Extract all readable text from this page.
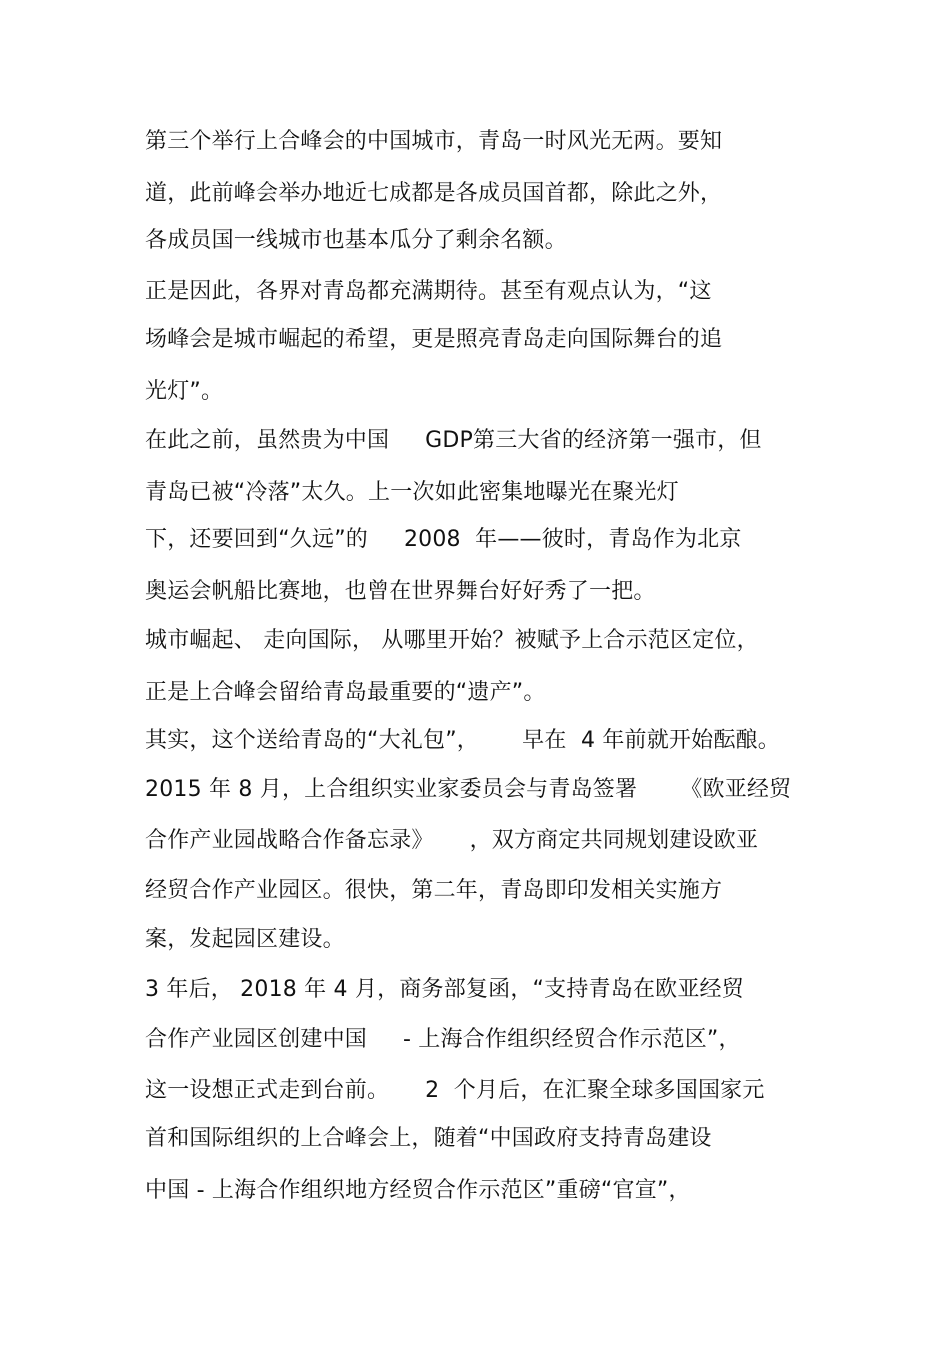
第三个举行上合峰会的中国城市，青岛一时风光无两。要知
道，此前峰会举办地近七成都是各成员国首都，除此之外，
各成员国一线城市也基本瓜分了剩余名额。
正是因此，各界对青岛都充满期待。甚至有观点认为，“这
场峰会是城市崛起的希望，更是照亮青岛走向国际舞台的追
光灯”。
在此之前，虽然贵为中国     GDP第三大省的经济第一强市，但
青岛已被“冷落”太久。上一次如此密集地曝光在聚光灯
下，还要回到“久远”的     2008  年——彼时，青岛作为北京
奥运会帆船比赛地，也曾在世界舞台好好秀了一把。
城市崛起、 走向国际， 从哪里开始？被赋予上合示范区定位，
正是上合峰会留给青岛最重要的“遗产”。
其实，这个送给青岛的“大礼包”，      早在  4 年前就开始酝酿。
2015 年 8 月，上合组织实业家委员会与青岛签署      《欧亚经贸
合作产业园战略合作备忘录》     ，双方商定共同规划建设欧亚
经贸合作产业园区。很快，第二年，青岛即印发相关实施方
案，发起园区建设。
3 年后， 2018 年 4 月，商务部复函，“支持青岛在欧亚经贸
合作产业园区创建中国     - 上海合作组织经贸合作示范区”，
这一设想正式走到台前。     2  个月后，在汇聚全球多国国家元
首和国际组织的上合峰会上，随着“中国政府支持青岛建设
中国 - 上海合作组织地方经贸合作示范区”重磅“官宣”，
